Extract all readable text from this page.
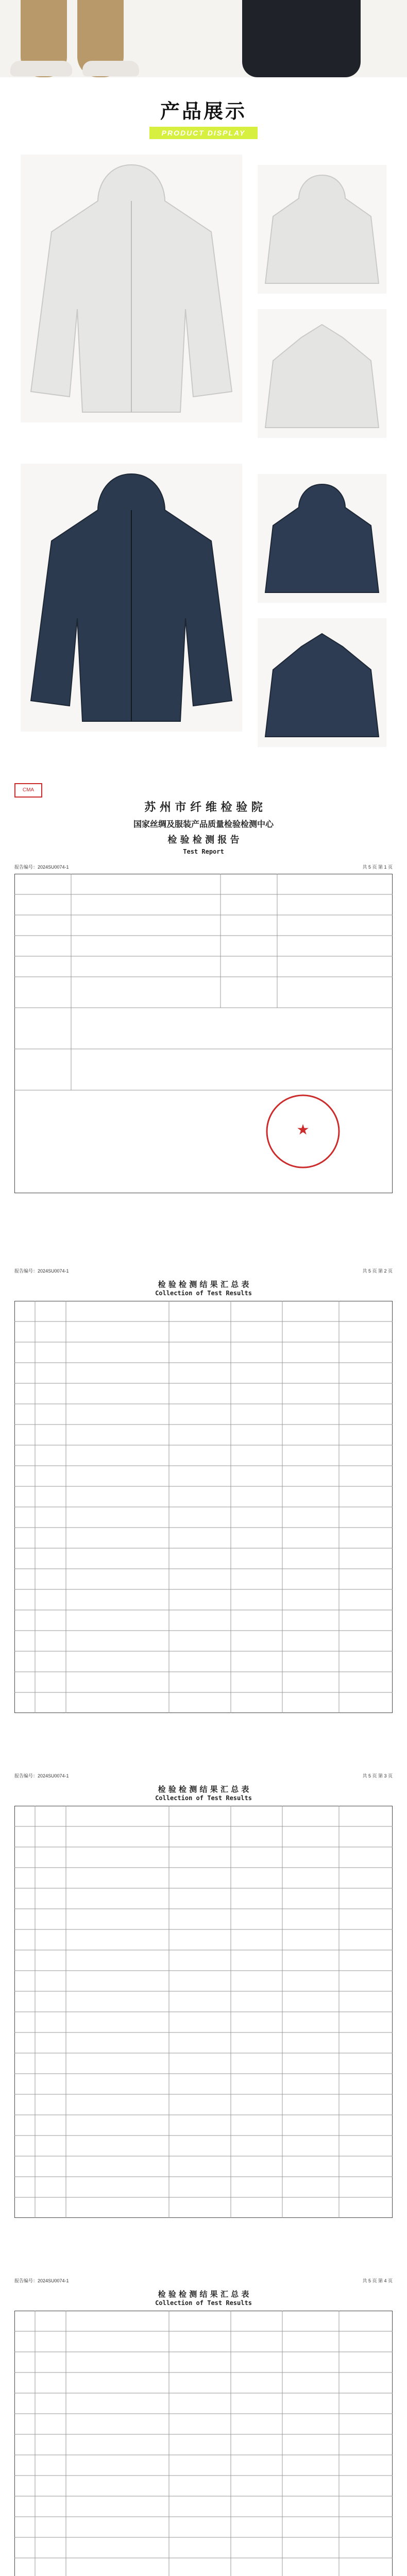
产品展示
PRODUCT DISPLAY
CMA
苏 州 市 纤 维 检 验 院
国家丝绸及服装产品质量检验检测中心
检 验 检 测 报 告
Test Report
报告编号：2024SU0074-1	共 5 页 第 1 页
★
报告编号：2024SU0074-1	共 5 页 第 2 页
检 验 检 测 结 果 汇 总 表
Collection of Test Results
报告编号：2024SU0074-1	共 5 页 第 3 页
检 验 检 测 结 果 汇 总 表
Collection of Test Results
报告编号：2024SU0074-1	共 5 页 第 4 页
检 验 检 测 结 果 汇 总 表
Collection of Test Results
